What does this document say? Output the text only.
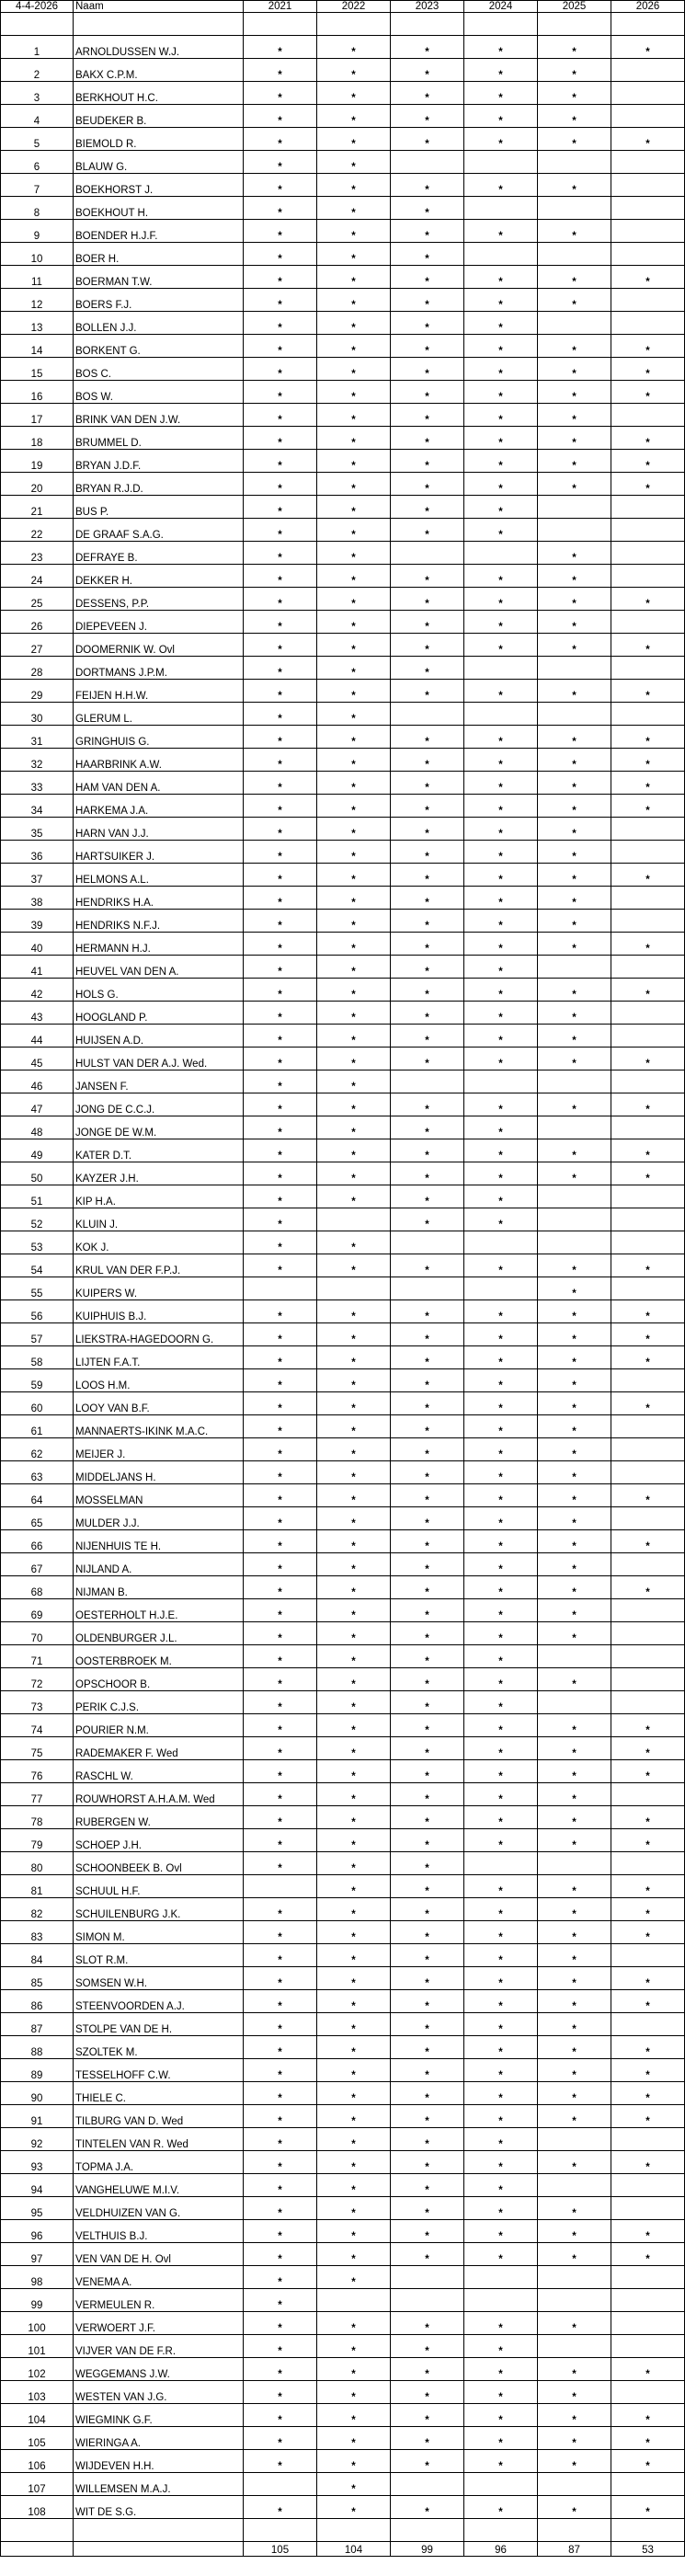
4-4-2026	Naam	2021	2022	2023	2024	2025	2026

1	ARNOLDUSSEN W.J.	*	*	*	*	*	*
2	BAKX C.P.M.	*	*	*	*	*	
3	BERKHOUT H.C.	*	*	*	*	*	
4	BEUDEKER B.	*	*	*	*	*	
5	BIEMOLD R.	*	*	*	*	*	*
6	BLAUW G.	*	*				
7	BOEKHORST J.	*	*	*	*	*	
8	BOEKHOUT H.	*	*	*			
9	BOENDER H.J.F.	*	*	*	*	*	
10	BOER H.	*	*	*			
11	BOERMAN T.W.	*	*	*	*	*	*
12	BOERS F.J.	*	*	*	*	*	
13	BOLLEN J.J.	*	*	*	*		
14	BORKENT G.	*	*	*	*	*	*
15	BOS C.	*	*	*	*	*	*
16	BOS W.	*	*	*	*	*	*
17	BRINK VAN DEN J.W.	*	*	*	*	*	
18	BRUMMEL D.	*	*	*	*	*	*
19	BRYAN J.D.F.	*	*	*	*	*	*
20	BRYAN R.J.D.	*	*	*	*	*	*
21	BUS P.	*	*	*	*		
22	DE GRAAF S.A.G.	*	*	*	*		
23	DEFRAYE B.	*	*			*	
24	DEKKER H.	*	*	*	*	*	
25	DESSENS, P.P.	*	*	*	*	*	*
26	DIEPEVEEN J.	*	*	*	*	*	
27	DOOMERNIK W. Ovl	*	*	*	*	*	*
28	DORTMANS J.P.M.	*	*	*			
29	FEIJEN H.H.W.	*	*	*	*	*	*
30	GLERUM L.	*	*				
31	GRINGHUIS G.	*	*	*	*	*	*
32	HAARBRINK A.W.	*	*	*	*	*	*
33	HAM VAN DEN A.	*	*	*	*	*	*
34	HARKEMA J.A.	*	*	*	*	*	*
35	HARN VAN J.J.	*	*	*	*	*	
36	HARTSUIKER J.	*	*	*	*	*	
37	HELMONS A.L.	*	*	*	*	*	*
38	HENDRIKS H.A.	*	*	*	*	*	
39	HENDRIKS N.F.J.	*	*	*	*	*	
40	HERMANN H.J.	*	*	*	*	*	*
41	HEUVEL VAN DEN A.	*	*	*	*		
42	HOLS G.	*	*	*	*	*	*
43	HOOGLAND P.	*	*	*	*	*	
44	HUIJSEN A.D.	*	*	*	*	*	
45	HULST VAN DER A.J. Wed.	*	*	*	*	*	*
46	JANSEN F.	*	*				
47	JONG DE C.C.J.	*	*	*	*	*	*
48	JONGE DE W.M.	*	*	*	*		
49	KATER D.T.	*	*	*	*	*	*
50	KAYZER J.H.	*	*	*	*	*	*
51	KIP H.A.	*	*	*	*		
52	KLUIN J.	*		*	*		
53	KOK J.	*	*				
54	KRUL VAN DER F.P.J.	*	*	*	*	*	*
55	KUIPERS W.					*	
56	KUIPHUIS B.J.	*	*	*	*	*	*
57	LIEKSTRA-HAGEDOORN G.	*	*	*	*	*	*
58	LIJTEN F.A.T.	*	*	*	*	*	*
59	LOOS H.M.	*	*	*	*	*	
60	LOOY VAN B.F.	*	*	*	*	*	*
61	MANNAERTS-IKINK M.A.C.	*	*	*	*	*	
62	MEIJER J.	*	*	*	*	*	
63	MIDDELJANS H.	*	*	*	*	*	
64	MOSSELMAN	*	*	*	*	*	*
65	MULDER J.J.	*	*	*	*	*	
66	NIJENHUIS TE H.	*	*	*	*	*	*
67	NIJLAND A.	*	*	*	*	*	
68	NIJMAN B.	*	*	*	*	*	*
69	OESTERHOLT H.J.E.	*	*	*	*	*	
70	OLDENBURGER J.L.	*	*	*	*	*	
71	OOSTERBROEK M.	*	*	*	*		
72	OPSCHOOR B.	*	*	*	*	*	
73	PERIK C.J.S.	*	*	*	*		
74	POURIER N.M.	*	*	*	*	*	*
75	RADEMAKER F. Wed	*	*	*	*	*	*
76	RASCHL W.	*	*	*	*	*	*
77	ROUWHORST A.H.A.M. Wed	*	*	*	*	*	
78	RUBERGEN W.	*	*	*	*	*	*
79	SCHOEP J.H.	*	*	*	*	*	*
80	SCHOONBEEK B. Ovl	*	*	*			
81	SCHUUL H.F.		*	*	*	*	*
82	SCHUILENBURG J.K.	*	*	*	*	*	*
83	SIMON M.	*	*	*	*	*	*
84	SLOT R.M.	*	*	*	*	*	
85	SOMSEN W.H.	*	*	*	*	*	*
86	STEENVOORDEN A.J.	*	*	*	*	*	*
87	STOLPE VAN DE H.	*	*	*	*	*	
88	SZOLTEK M.	*	*	*	*	*	*
89	TESSELHOFF C.W.	*	*	*	*	*	*
90	THIELE C.	*	*	*	*	*	*
91	TILBURG VAN D. Wed	*	*	*	*	*	*
92	TINTELEN VAN R. Wed	*	*	*	*		
93	TOPMA J.A.	*	*	*	*	*	*
94	VANGHELUWE M.I.V.	*	*	*	*		
95	VELDHUIZEN VAN G.	*	*	*	*	*	
96	VELTHUIS B.J.	*	*	*	*	*	*
97	VEN VAN DE H. Ovl	*	*	*	*	*	*
98	VENEMA A.	*	*				
99	VERMEULEN R.	*					
100	VERWOERT J.F.	*	*	*	*	*	
101	VIJVER VAN DE F.R.	*	*	*	*		
102	WEGGEMANS J.W.	*	*	*	*	*	*
103	WESTEN VAN J.G.	*	*	*	*	*	
104	WIEGMINK G.F.	*	*	*	*	*	*
105	WIERINGA A.	*	*	*	*	*	*
106	WIJDEVEN H.H.	*	*	*	*	*	*
107	WILLEMSEN M.A.J.		*				
108	WIT DE S.G.	*	*	*	*	*	*

		105	104	99	96	87	53
